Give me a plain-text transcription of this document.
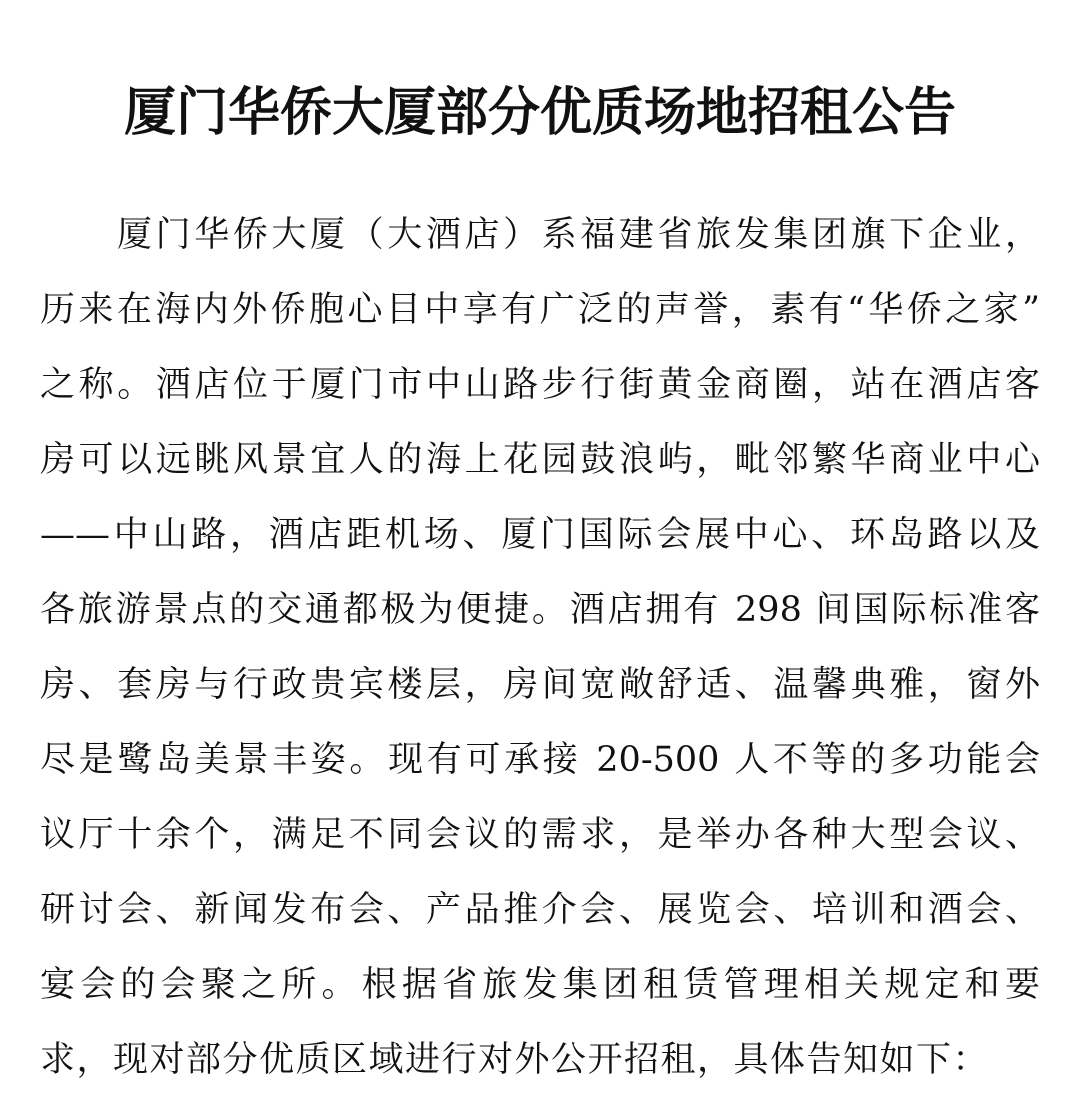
厦门华侨大厦部分优质场地招租公告
厦门华侨大厦（大酒店）系福建省旅发集团旗下企业，
历来在海内外侨胞心目中享有广泛的声誉，素有“华侨之家”
之称。酒店位于厦门市中山路步行街黄金商圈，站在酒店客
房可以远眺风景宜人的海上花园鼓浪屿，毗邻繁华商业中心
——中山路，酒店距机场、厦门国际会展中心、环岛路以及
各旅游景点的交通都极为便捷。酒店拥有 298 间国际标准客
房、套房与行政贵宾楼层，房间宽敞舒适、温馨典雅，窗外
尽是鹭岛美景丰姿。现有可承接 20-500 人不等的多功能会
议厅十余个，满足不同会议的需求，是举办各种大型会议、
研讨会、新闻发布会、产品推介会、展览会、培训和酒会、
宴会的会聚之所。根据省旅发集团租赁管理相关规定和要
求，现对部分优质区域进行对外公开招租，具体告知如下：
